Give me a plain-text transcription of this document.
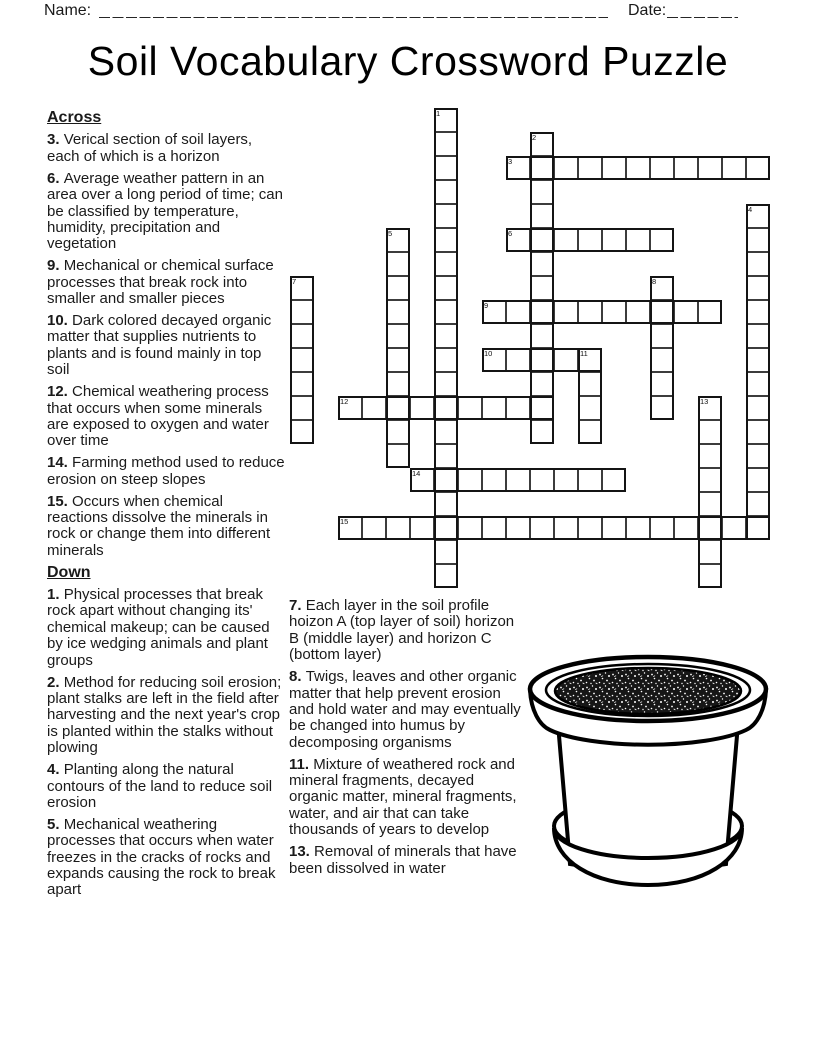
Name:	Date:
Soil Vocabulary Crossword Puzzle
1
2
3
4
5	6
7	8
9
10	11
12	13
14
15

Across

3. Verical section of soil layers, each of which is a horizon
6. Average weather pattern in an area over a long period of time; can be classified by temperature, humidity, precipitation and vegetation
9. Mechanical or chemical surface processes that break rock into smaller and smaller pieces
10. Dark colored decayed organic matter that supplies nutrients to plants and is found mainly in top soil
12. Chemical weathering process that occurs when some minerals are exposed to oxygen and water over time
14. Farming method used to reduce erosion on steep slopes
15. Occurs when chemical reactions dissolve the minerals in rock or change them into different minerals

Down

1. Physical processes that break rock apart without changing its' chemical makeup; can be caused by ice wedging animals and plant groups
2. Method for reducing soil erosion; plant stalks are left in the field after harvesting and the next year's crop is planted within the stalks without plowing
4. Planting along the natural contours of the land to reduce soil erosion
5. Mechanical weathering processes that occurs when water freezes in the cracks of rocks and expands causing the rock to break apart
7. Each layer in the soil profile hoizon A (top layer of soil) horizon B (middle layer) and horizon C (bottom layer)
8. Twigs, leaves and other organic matter that help prevent erosion and hold water and may eventually be changed into humus by decomposing organisms
11. Mixture of weathered rock and mineral fragments, decayed organic matter, mineral fragments, water, and air that can take thousands of years to develop
13. Removal of minerals that have been dissolved in water
